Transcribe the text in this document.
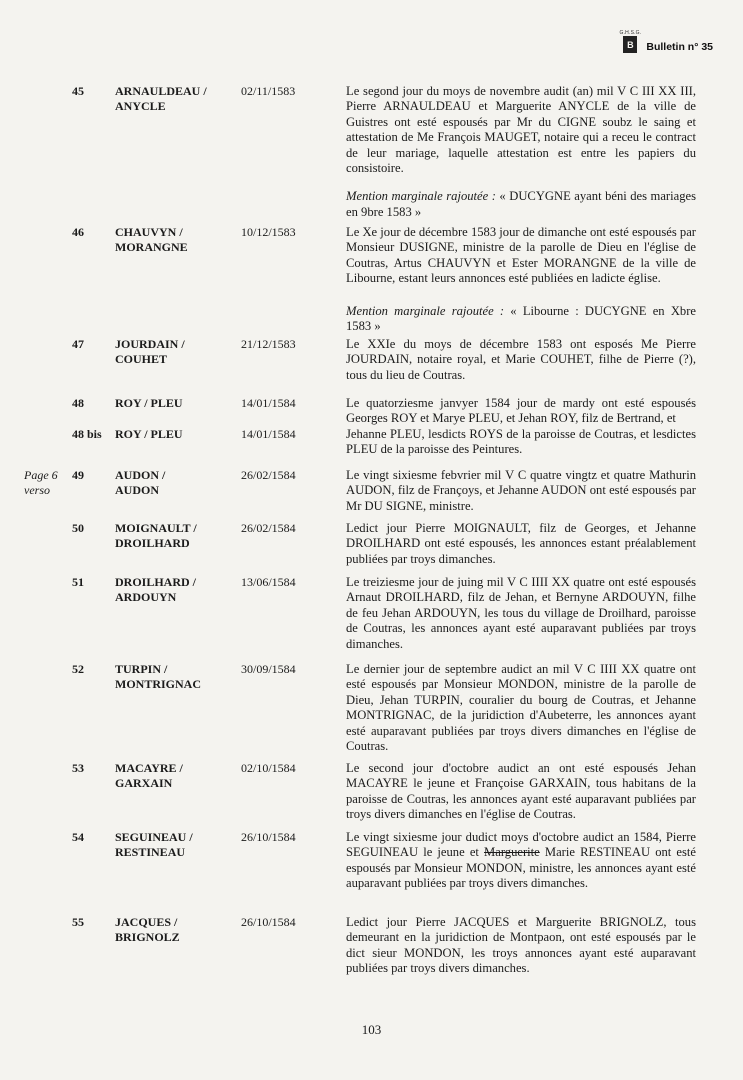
G.H.S.G.
B	Bulletin n° 35
45	ARNAULDEAU /
ANYCLE
02/11/1583	Le segond jour du moys de novembre audit (an) mil V C III XX III, Pierre ARNAULDEAU et Marguerite ANYCLE de la ville de Guistres ont esté espousés par Mr du CIGNE soubz le saing et attestation de Me François MAUGET, notaire qui a receu le contract de leur mariage, laquelle attestation est entre les papiers du consistoire.

Mention marginale rajoutée : « DUCYGNE ayant béni des mariages en 9bre 1583 »

46	CHAUVYN /
MORANGNE
10/12/1583	Le Xe jour de décembre 1583 jour de dimanche ont esté espousés par Monsieur DUSIGNE, ministre de la parolle de Dieu en l'église de Coutras, Artus CHAUVYN et Ester MORANGNE de la ville de Libourne, estant leurs annonces esté publiées en ladicte église.

Mention marginale rajoutée : « Libourne : DUCYGNE en Xbre 1583 »

47	JOURDAIN /
COUHET
21/12/1583	Le XXIe du moys de décembre 1583 ont esposés Me Pierre JOURDAIN, notaire royal, et Marie COUHET, filhe de Pierre (?), tous du lieu de Coutras.

48	ROY / PLEU	14/01/1584	Le quatorziesme janvyer 1584 jour de mardy ont esté espousés Georges ROY et Marye PLEU, et Jehan ROY, filz de Bertrand, et

48 bis ROY / PLEU	14/01/1584	Jehanne PLEU, lesdicts ROYS de la paroisse de Coutras, et lesdictes PLEU de la paroisse des Peintures.

Page 6
verso
49	AUDON /
AUDON
26/02/1584	Le vingt sixiesme febvrier mil V C quatre vingtz et quatre Mathurin AUDON, filz de Françoys, et Jehanne AUDON ont esté espousés par Mr DU SIGNE, ministre.

50	MOIGNAULT /
DROILHARD
26/02/1584	Ledict jour Pierre MOIGNAULT, filz de Georges, et Jehanne DROILHARD ont esté espousés, les annonces estant préalablement publiées par troys dimanches.

51	DROILHARD /
ARDOUYN
13/06/1584	Le treiziesme jour de juing mil V C IIII XX quatre ont esté espousés Arnaut DROILHARD, filz de Jehan, et Bernyne ARDOUYN, filhe de feu Jehan ARDOUYN, les tous du village de Droilhard, paroisse de Coutras, les annonces ayant esté auparavant publiées par troys dimanches.

52	TURPIN /
MONTRIGNAC
30/09/1584	Le dernier jour de septembre audict an mil V C IIII XX quatre ont esté espousés par Monsieur MONDON, ministre de la parolle de Dieu, Jehan TURPIN, couralier du bourg de Coutras, et Jehanne MONTRIGNAC, de la juridiction d'Aubeterre, les annonces ayant esté auparavant publiées par troys divers dimanches en l'église de Coutras.

53	MACAYRE /
GARXAIN
02/10/1584	Le second jour d'octobre audict an ont esté espousés Jehan MACAYRE le jeune et Françoise GARXAIN, tous habitans de la paroisse de Coutras, les annonces ayant esté auparavant publiées par troys divers dimanches en l'église de Coutras.

54	SEGUINEAU /
RESTINEAU
26/10/1584	Le vingt sixiesme jour dudict moys d'octobre audict an 1584, Pierre SEGUINEAU le jeune et Marguerite Marie RESTINEAU ont esté espousés par Monsieur MONDON, ministre, les annonces ayant esté auparavant publiées par troys divers dimanches.

55	JACQUES /
BRIGNOLZ
26/10/1584	Ledict jour Pierre JACQUES et Marguerite BRIGNOLZ, tous demeurant en la juridiction de Montpaon, ont esté espousés par le dict sieur MONDON, les troys annonces ayant esté auparavant publiées par troys divers dimanches.

103
